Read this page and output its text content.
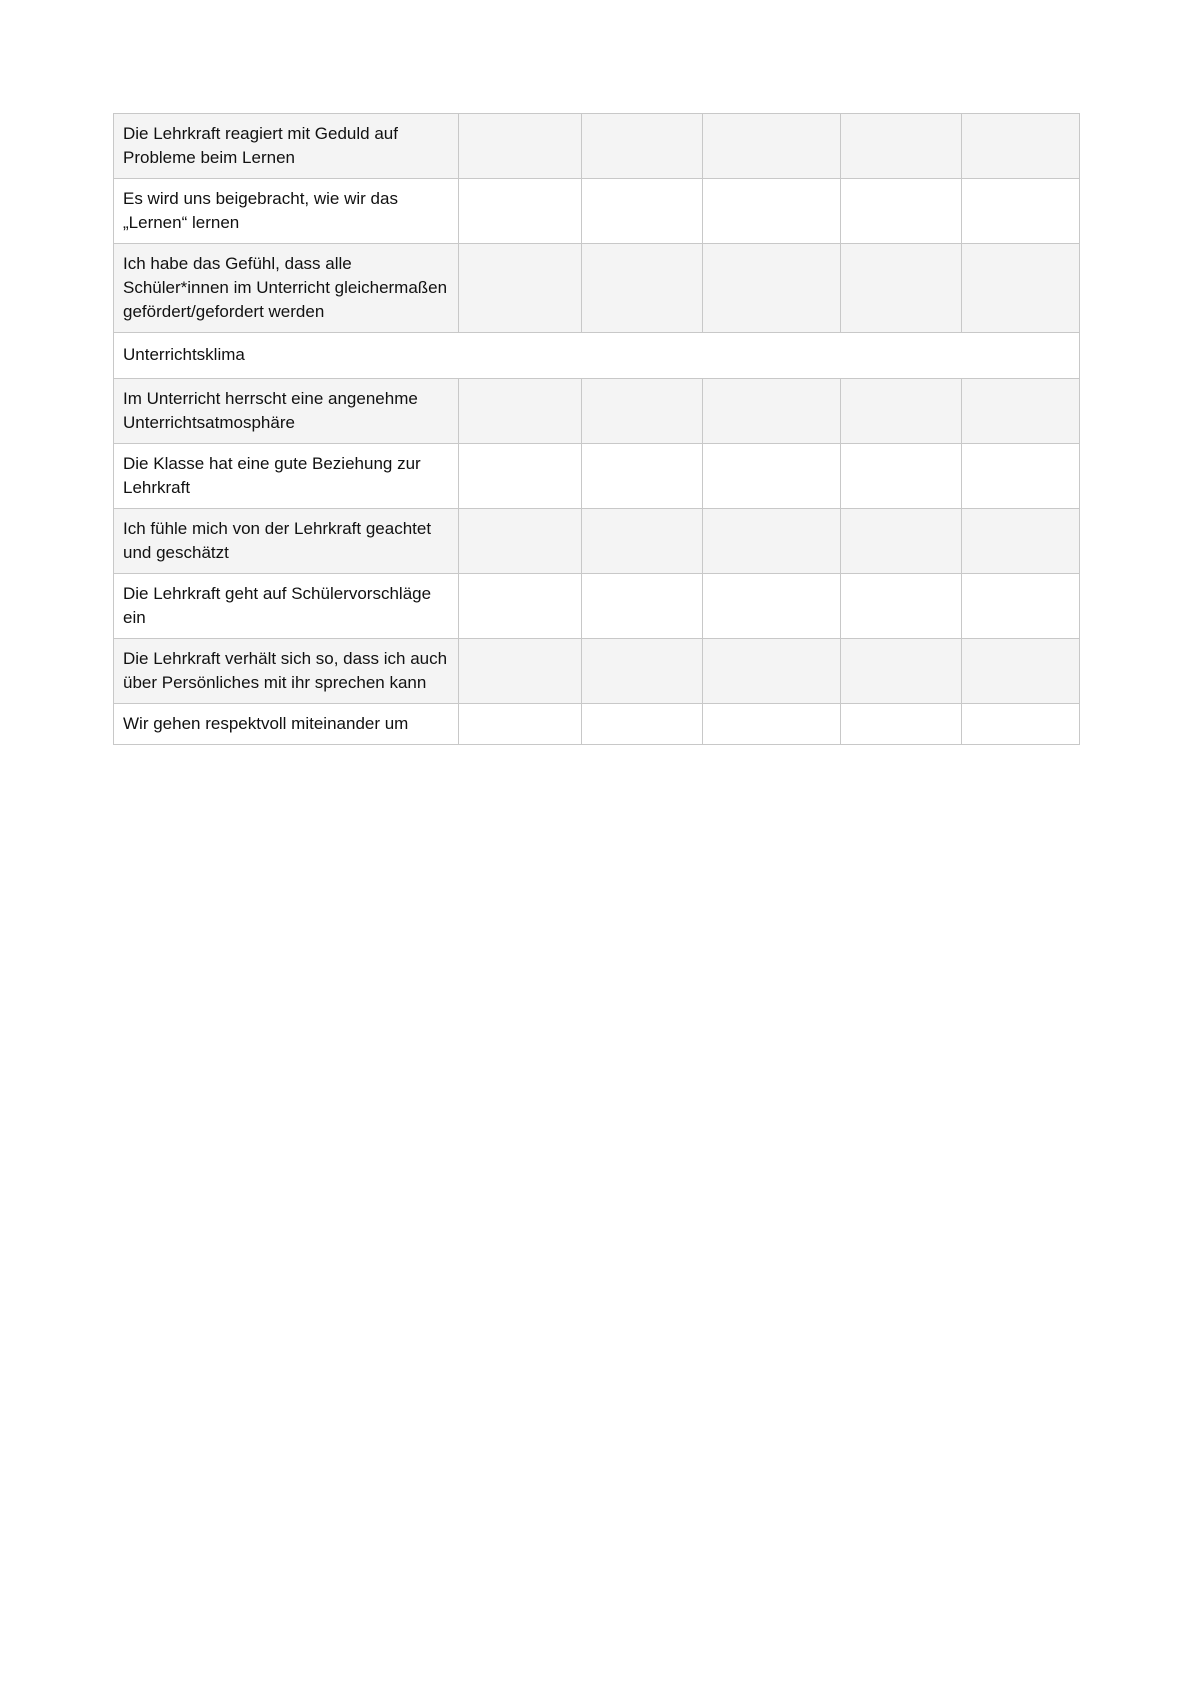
Die Lehrkraft reagiert mit Geduld auf Probleme beim Lernen					
Es wird uns beigebracht, wie wir das „Lernen“ lernen					
Ich habe das Gefühl, dass alle Schüler*innen im Unterricht gleichermaßen gefördert/gefordert werden					
Unterrichtsklima					
Im Unterricht herrscht eine angenehme Unterrichtsatmosphäre					
Die Klasse hat eine gute Beziehung zur Lehrkraft					
Ich fühle mich von der Lehrkraft geachtet und geschätzt					
Die Lehrkraft geht auf Schülervorschläge ein					
Die Lehrkraft verhält sich so, dass ich auch über Persönliches mit ihr sprechen kann					
Wir gehen respektvoll miteinander um					
